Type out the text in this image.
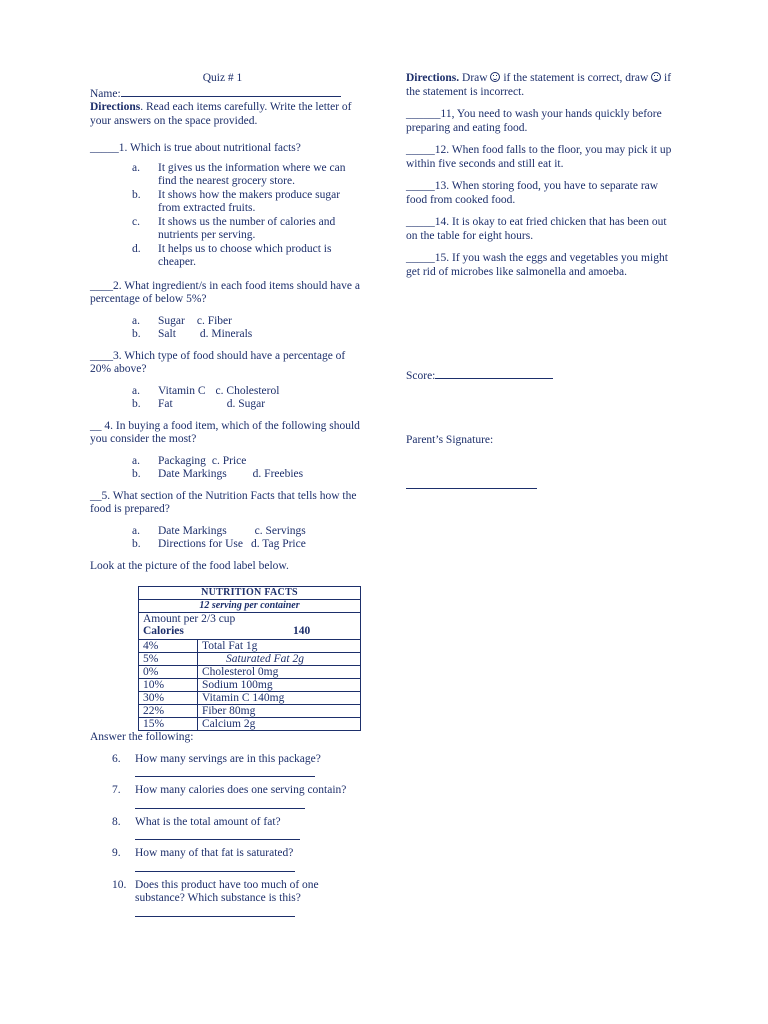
Quiz # 1

Name:

Directions. Read each items carefully. Write the letter of your answers on the space provided.

_____1. Which is true about nutritional facts?

a. It gives us the information where we can find the nearest grocery store.
b. It shows how the makers produce sugar from extracted fruits.
c. It shows us the number of calories and nutrients per serving.
d. It helps us to choose which product is cheaper.

____2. What ingredient/s in each food items should have a percentage of below 5%?

a. Sugar c. Fiber
b. Salt d. Minerals

____3. Which type of food should have a percentage of 20% above?

a. Vitamin C c. Cholesterol
b. Fat	d. Sugar

__ 4. In buying a food item, which of the following should you consider the most?

a. Packaging c. Price
b. Date Markings d. Freebies

__5. What section of the Nutrition Facts that tells how the food is prepared?

a. Date Markings c. Servings
b. Directions for Use d. Tag Price

Look at the picture of the food label below.

NUTRITION FACTS	
12 serving per container	

Amount per 2/3 cup
Calories 140	

4%	Total Fat 1g
5%	Saturated Fat 2g
0%	Cholesterol 0mg
10%	Sodium 100mg
30%	Vitamin C 140mg
22%	Fiber 80mg
15%	Calcium 2g

Answer the following:

6. How many servings are in this package?
7. How many calories does one serving contain?
8. What is the total amount of fat?
9. How many of that fat is saturated?
10. Does this product have too much of one substance? Which substance is this?

Directions. Draw  if the statement is correct, draw  if the statement is incorrect.

______11, You need to wash your hands quickly before preparing and eating food.

_____12. When food falls to the floor, you may pick it up within five seconds and still eat it.

_____13. When storing food, you have to separate raw food from cooked food.

_____14. It is okay to eat fried chicken that has been out on the table for eight hours.

_____15. If you wash the eggs and vegetables you might get rid of microbes like salmonella and amoeba.

Score:
Parent’s Signature:
